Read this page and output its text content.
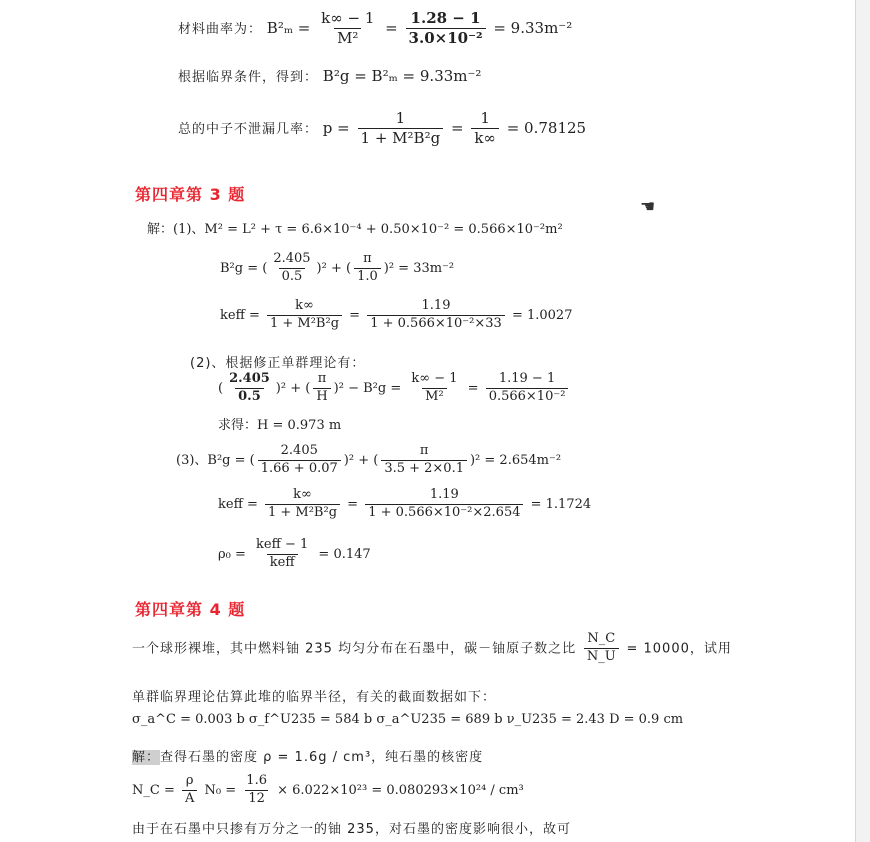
材料曲率为： $B^2_m = \frac{k\infty - 1}{\text{M²}} = \frac{1.28 - 1}{\text{3.0×10⁻²}} = 9.33m^{-2}$
根据临界条件，得到： B²g = B²ₘ = 9.33m⁻²
总的中子不泄漏几率： $p = \frac{1}{\text{1 + M²B²g}} = \frac{1}{k\infty} = 0.78125$
第四章第 3 题
☚
解：(1)、M² = L² + τ = 6.6×10⁻⁴ + 0.50×10⁻² = 0.566×10⁻²m²
B²g = ( $\frac{2.405}{0.5} )^2$ + ( $\frac{\pi}{1.0} )^2 = 33m^{-2}$
keff = $\frac{k\infty}{\text{1 + M²B²g}} = \frac{1.19}{\text{1 + 0.566×10⁻²×33}} = 1.0027$
(2)、根据修正单群理论有：
( $\frac{2.405}{0.5} )^2$ + ( $\frac{\pi}{H} )^2 - B^2g = \frac{k\infty - 1}{\text{M²}} = \frac{1.19 - 1}{\text{0.566×10⁻²}}$
求得：H = 0.973 m
(3)、B²g = ( $\frac{2.405}{1.66 + 0.07} )^2$ + ( $\frac{\pi}{3.5 + 2\times 0.1} )^2 = 2.654m^{-2}$
keff = $\frac{k\infty}{\text{1 + M²B²g}} = \frac{1.19}{\text{1 + 0.566×10⁻²×2.654}} = 1.1724$
$\rho_0 = \frac{\text{keff − 1}}{\text{keff}} = 0.147$
第四章第 4 题
一个球形裸堆，其中燃料铀 235 均匀分布在石墨中，碳－铀原子数之比 $\frac{N\_C}{N\_U} = 10000$，试用
单群临界理论估算此堆的临界半径，有关的截面数据如下：
σ_a^C = 0.003 b σ_f^U235 = 584 b σ_a^U235 = 689 b ν_U235 = 2.43 D = 0.9 cm
解：查得石墨的密度 ρ = 1.6g / cm³，纯石墨的核密度
N_C = $\frac{\rho}{A} N_0 = \frac{1.6}{12} \times 6.022\times 10^{23} = 0.080293\times 10^{24} / cm^3$
由于在石墨中只掺有万分之一的铀 235，对石墨的密度影响很小，故可
